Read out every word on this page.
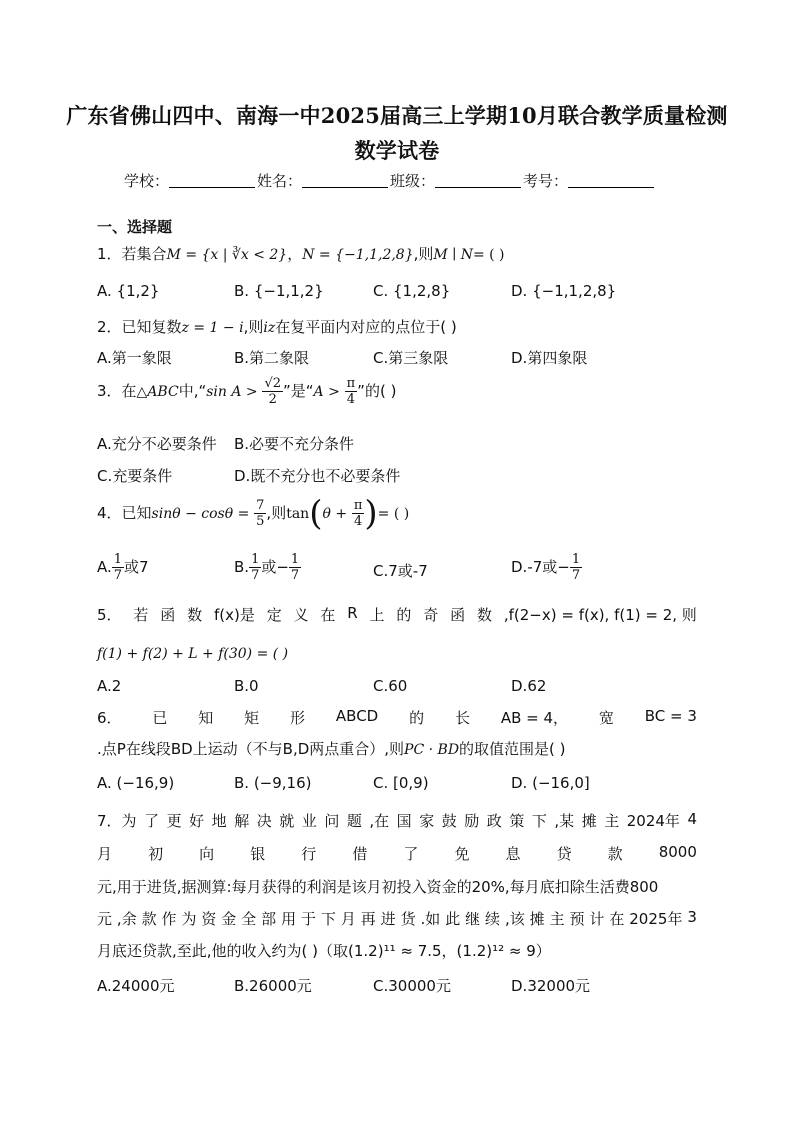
广东省佛山四中、南海一中2025届高三上学期10月联合教学质量检测
数学试卷
学校：	姓名：	班级：	考号：
一、选择题
1．若集合M = {x | ∛x < 2}，N = {−1,1,2,8},则M ∣ N= ( )
A. {1,2}	B. {−1,1,2}	C. {1,2,8}	D. {−1,1,2,8}
2．已知复数z = 1 − i,则iz在复平面内对应的点位于( )
A.第一象限	B.第二象限	C.第三象限	D.第四象限
3．在△ABC中,“sin $A > \frac{√2}{2}$ ”是“$A > \frac{\pi}{4}$ ”的( )
A.充分不必要条件 B.必要不充分条件
C.充要条件	D.既不充分也不必要条件
4．已知$\sin\theta - \cos\theta = \frac{7}{5}$ ,则$\tan(\theta + \frac{\pi}{4}$ )= ( )
A. $\frac{1}{7}$ 或7	B. $\frac{1}{7}$ 或− $\frac{1}{7}$	C.7或-7	D.-7或− $\frac{1}{7}$
5． 若 函 数 f(x)是 定 义 在 R 上 的 奇 函 数 ,f(2−x) = f(x), f(1) = 2, 则
f(1) + f(2) + L + f(30) = ( )
A.2	B.0	C.60	D.62
6． 已 知 矩 形 ABCD 的 长 AB = 4， 宽 BC = 3
.点P在线段BD上运动（不与B,D两点重合）,则PC · BD的取值范围是( )
A. (−16,9)	B. (−9,16)	C. [0,9)	D. (−16,0]
7．为 了 更 好 地 解 决 就 业 问 题 ,在 国 家 鼓 励 政 策 下 ,某 摊 主 2024年 4
月 初 向 银 行 借 了 免 息 贷 款 8000
元,用于进货,据测算:每月获得的利润是该月初投入资金的20%,每月底扣除生活费800
元 ,余 款 作 为 资 金 全 部 用 于 下 月 再 进 货 .如 此 继 续 ,该 摊 主 预 计 在 2025年 3
月底还贷款,至此,他的收入约为( )（取(1.2)¹¹ ≈ 7.5，(1.2)¹² ≈ 9）
A.24000元	B.26000元	C.30000元	D.32000元
